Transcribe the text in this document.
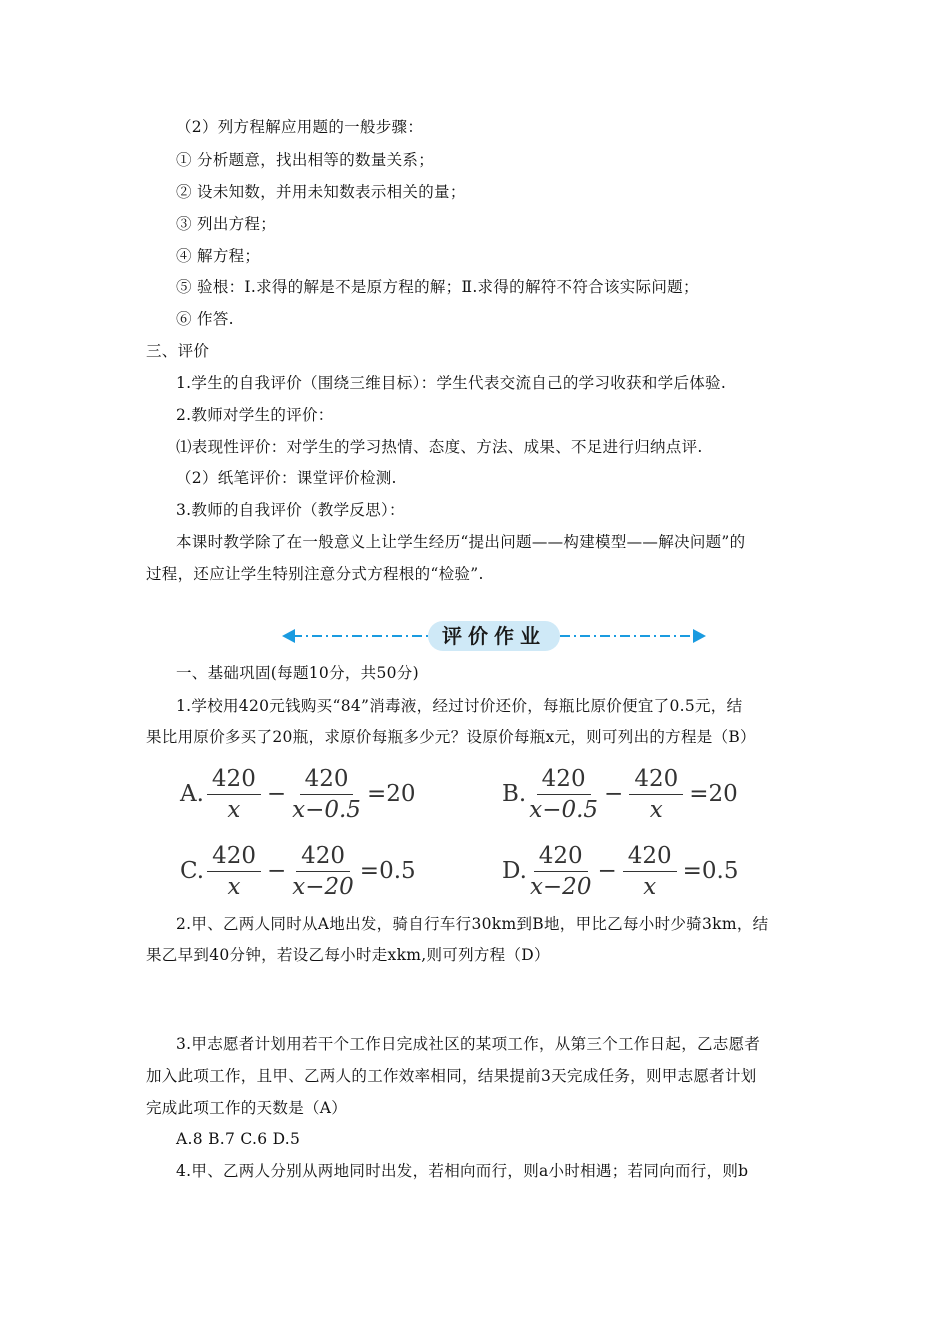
（2）列方程解应用题的一般步骤：
① 分析题意，找出相等的数量关系；
② 设未知数，并用未知数表示相关的量；
③ 列出方程；
④ 解方程；
⑤ 验根：Ⅰ.求得的解是不是原方程的解；Ⅱ.求得的解符不符合该实际问题；
⑥ 作答.
三、评价
1.学生的自我评价（围绕三维目标）：学生代表交流自己的学习收获和学后体验.
2.教师对学生的评价：
⑴表现性评价：对学生的学习热情、态度、方法、成果、不足进行归纳点评.
（2）纸笔评价：课堂评价检测.
3.教师的自我评价（教学反思）：
本课时教学除了在一般意义上让学生经历“提出问题——构建模型——解决问题”的
过程，还应让学生特别注意分式方程根的“检验”.
评价作业
一、基础巩固(每题10分，共50分)
1.学校用420元钱购买“84”消毒液，经过讨价还价，每瓶比原价便宜了0.5元，结
果比用原价多买了20瓶，求原价每瓶多少元？设原价每瓶x元，则可列出的方程是（B）
A. $\frac{420}{x} - \frac{420}{x-0.5} =20$	B. $\frac{420}{x-0.5} - \frac{420}{x} =20$
C. $\frac{420}{x} - \frac{420}{x-20} =0.5$	D. $\frac{420}{x-20} - \frac{420}{x} =0.5$
2.甲、乙两人同时从A地出发，骑自行车行30km到B地，甲比乙每小时少骑3km，结
果乙早到40分钟，若设乙每小时走xkm,则可列方程（D）
3.甲志愿者计划用若干个工作日完成社区的某项工作，从第三个工作日起，乙志愿者
加入此项工作，且甲、乙两人的工作效率相同，结果提前3天完成任务，则甲志愿者计划
完成此项工作的天数是（A）
A.8 B.7 C.6 D.5
4.甲、乙两人分别从两地同时出发，若相向而行，则a小时相遇；若同向而行，则b
